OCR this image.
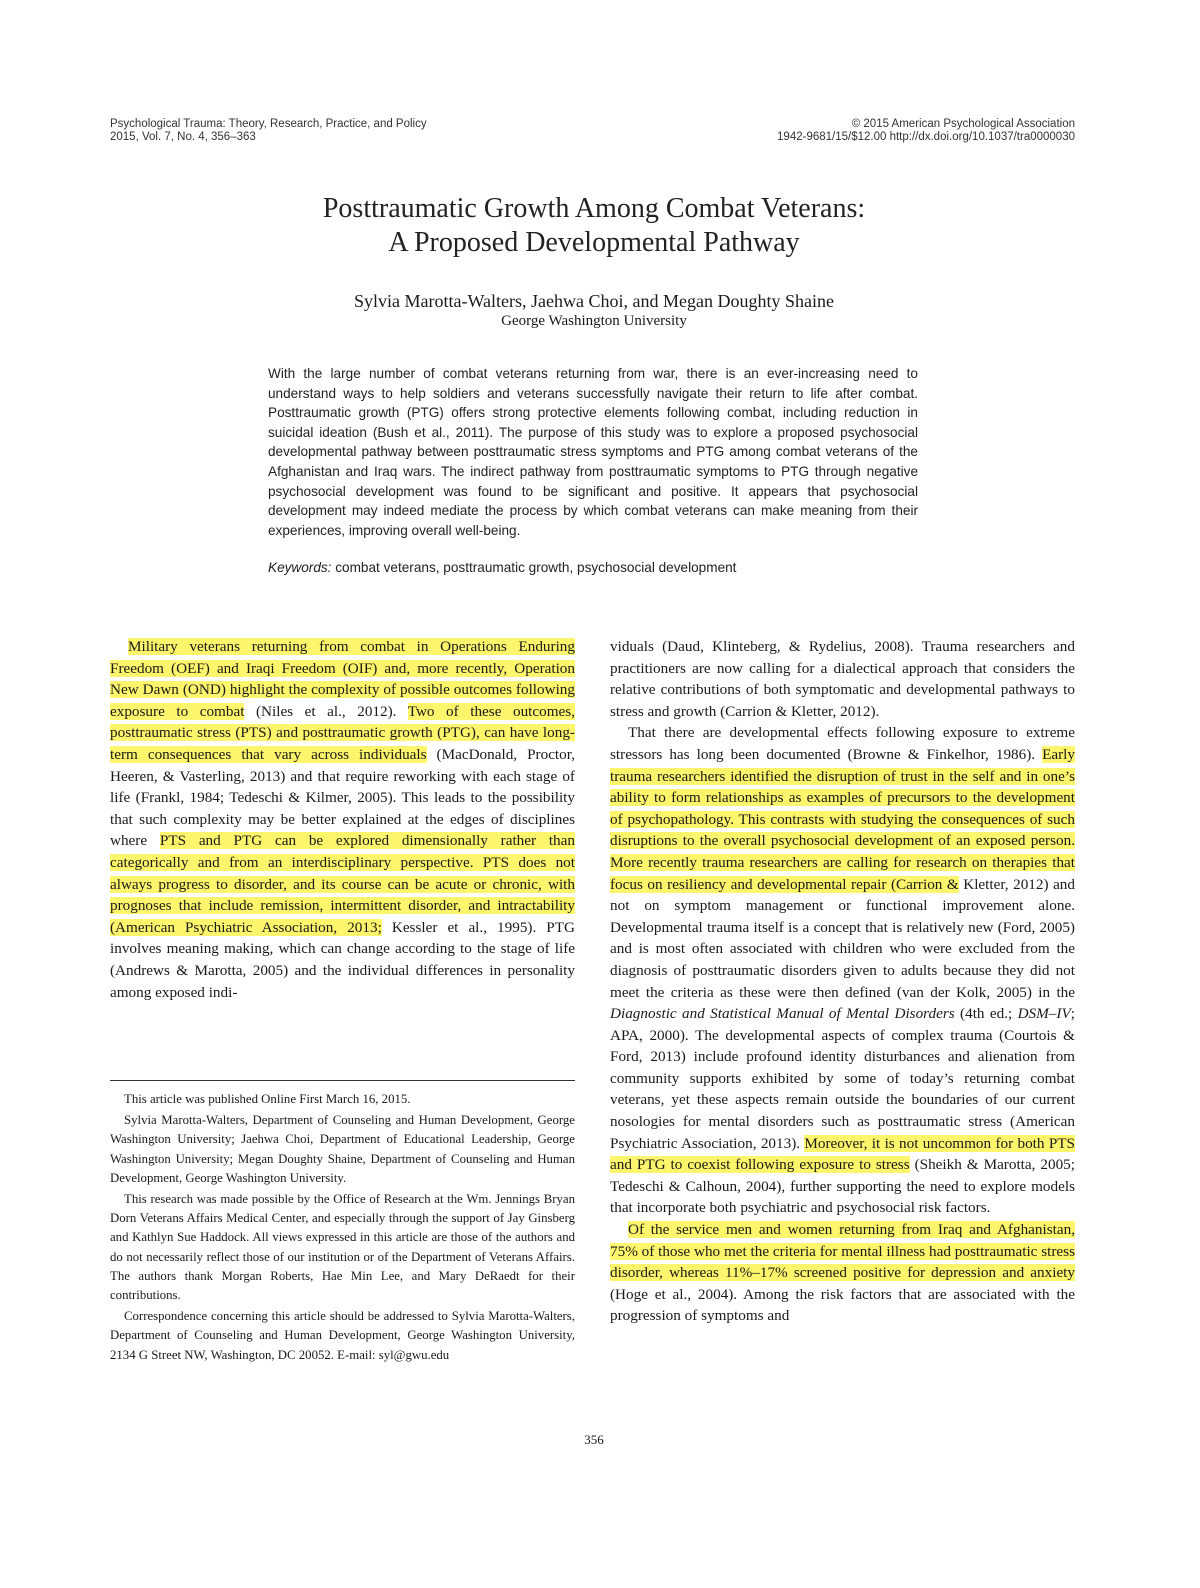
Psychological Trauma: Theory, Research, Practice, and Policy
2015, Vol. 7, No. 4, 356–363
© 2015 American Psychological Association
1942-9681/15/$12.00 http://dx.doi.org/10.1037/tra0000030
Posttraumatic Growth Among Combat Veterans:
A Proposed Developmental Pathway
Sylvia Marotta-Walters, Jaehwa Choi, and Megan Doughty Shaine
George Washington University
With the large number of combat veterans returning from war, there is an ever-increasing need to understand ways to help soldiers and veterans successfully navigate their return to life after combat. Posttraumatic growth (PTG) offers strong protective elements following combat, including reduction in suicidal ideation (Bush et al., 2011). The purpose of this study was to explore a proposed psychosocial developmental pathway between posttraumatic stress symptoms and PTG among combat veterans of the Afghanistan and Iraq wars. The indirect pathway from posttraumatic symptoms to PTG through negative psychosocial development was found to be significant and positive. It appears that psychosocial development may indeed mediate the process by which combat veterans can make meaning from their experiences, improving overall well-being.
Keywords: combat veterans, posttraumatic growth, psychosocial development

Military veterans returning from combat in Operations Enduring Freedom (OEF) and Iraqi Freedom (OIF) and, more recently, Operation New Dawn (OND) highlight the complexity of possible outcomes following exposure to combat (Niles et al., 2012). Two of these outcomes, posttraumatic stress (PTS) and posttraumatic growth (PTG), can have long-term consequences that vary across individuals (MacDonald, Proctor, Heeren, & Vasterling, 2013) and that require reworking with each stage of life (Frankl, 1984; Tedeschi & Kilmer, 2005). This leads to the possibility that such complexity may be better explained at the edges of disciplines where PTS and PTG can be explored dimensionally rather than categorically and from an interdisciplinary perspective. PTS does not always progress to disorder, and its course can be acute or chronic, with prognoses that include remission, intermittent disorder, and intractability (American Psychiatric Association, 2013; Kessler et al., 1995). PTG involves meaning making, which can change according to the stage of life (Andrews & Marotta, 2005) and the individual differences in personality among exposed indi-

This article was published Online First March 16, 2015.

Sylvia Marotta-Walters, Department of Counseling and Human Development, George Washington University; Jaehwa Choi, Department of Educational Leadership, George Washington University; Megan Doughty Shaine, Department of Counseling and Human Development, George Washington University.

This research was made possible by the Office of Research at the Wm. Jennings Bryan Dorn Veterans Affairs Medical Center, and especially through the support of Jay Ginsberg and Kathlyn Sue Haddock. All views expressed in this article are those of the authors and do not necessarily reflect those of our institution or of the Department of Veterans Affairs. The authors thank Morgan Roberts, Hae Min Lee, and Mary DeRaedt for their contributions.

Correspondence concerning this article should be addressed to Sylvia Marotta-Walters, Department of Counseling and Human Development, George Washington University, 2134 G Street NW, Washington, DC 20052. E-mail: syl@gwu.edu

viduals (Daud, Klinteberg, & Rydelius, 2008). Trauma researchers and practitioners are now calling for a dialectical approach that considers the relative contributions of both symptomatic and developmental pathways to stress and growth (Carrion & Kletter, 2012).

That there are developmental effects following exposure to extreme stressors has long been documented (Browne & Finkelhor, 1986). Early trauma researchers identified the disruption of trust in the self and in one’s ability to form relationships as examples of precursors to the development of psychopathology. This contrasts with studying the consequences of such disruptions to the overall psychosocial development of an exposed person. More recently trauma researchers are calling for research on therapies that focus on resiliency and developmental repair (Carrion & Kletter, 2012) and not on symptom management or functional improvement alone. Developmental trauma itself is a concept that is relatively new (Ford, 2005) and is most often associated with children who were excluded from the diagnosis of posttraumatic disorders given to adults because they did not meet the criteria as these were then defined (van der Kolk, 2005) in the Diagnostic and Statistical Manual of Mental Disorders (4th ed.; DSM–IV; APA, 2000). The developmental aspects of complex trauma (Courtois & Ford, 2013) include profound identity disturbances and alienation from community supports exhibited by some of today’s returning combat veterans, yet these aspects remain outside the boundaries of our current nosologies for mental disorders such as posttraumatic stress (American Psychiatric Association, 2013). Moreover, it is not uncommon for both PTS and PTG to coexist following exposure to stress (Sheikh & Marotta, 2005; Tedeschi & Calhoun, 2004), further supporting the need to explore models that incorporate both psychiatric and psychosocial risk factors.

Of the service men and women returning from Iraq and Afghanistan, 75% of those who met the criteria for mental illness had posttraumatic stress disorder, whereas 11%–17% screened positive for depression and anxiety (Hoge et al., 2004). Among the risk factors that are associated with the progression of symptoms and

356
